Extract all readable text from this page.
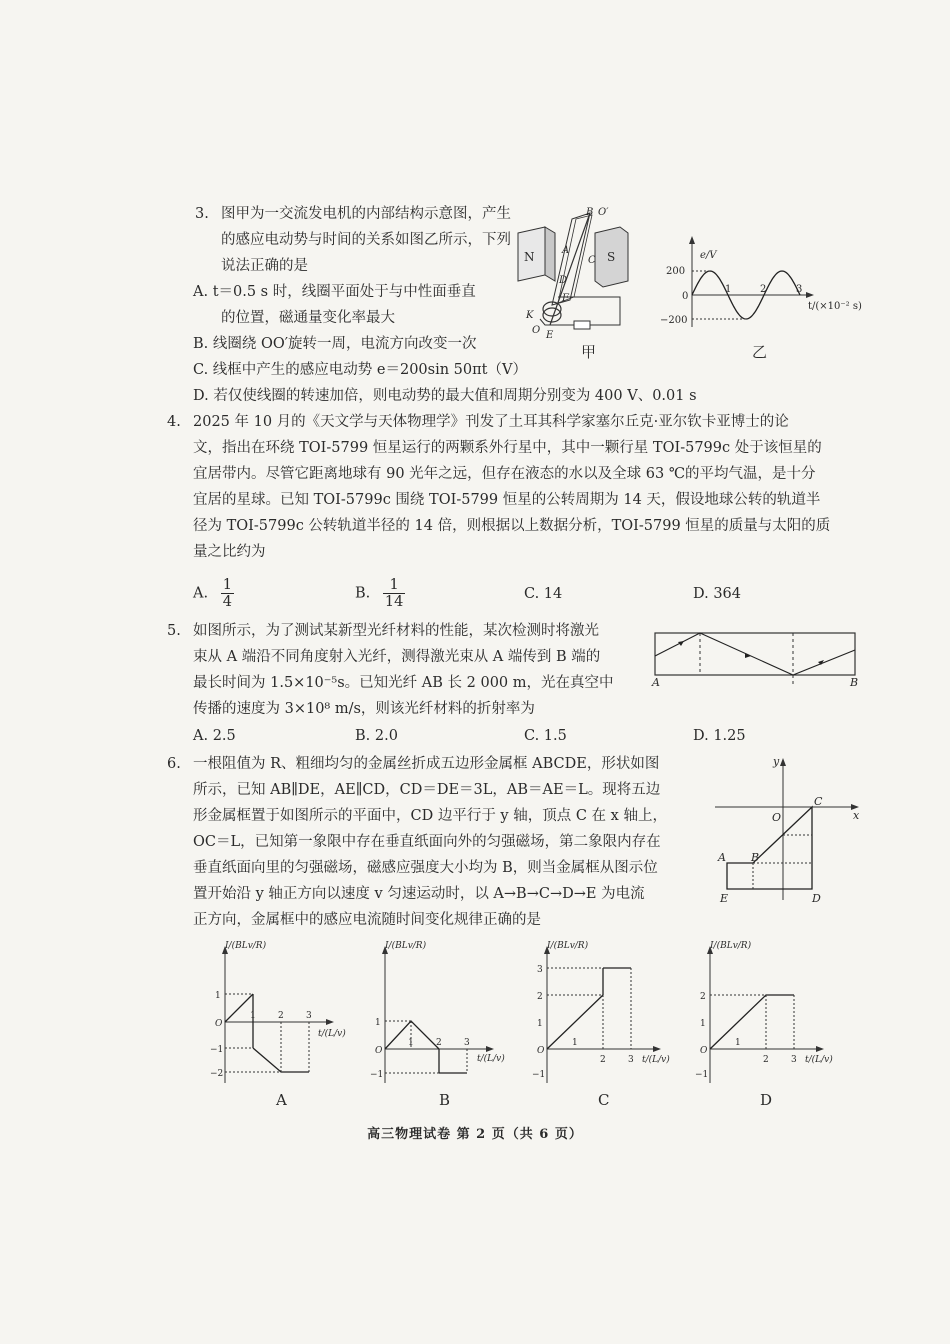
3. 图甲为一交流发电机的内部结构示意图，产生
的感应电动势与时间的关系如图乙所示，下列
说法正确的是
A. t＝0.5 s 时，线圈平面处于与中性面垂直
的位置，磁通量变化率最大
B. 线圈绕 OO′旋转一周，电流方向改变一次
C. 线框中产生的感应电动势 e＝200sin 50πt（V）
D. 若仅使线圈的转速加倍，则电动势的最大值和周期分别变为 400 V、0.01 s
B O′
N	S
A
C
D
F
K
O E
甲
e/V
200
0
−200
1	2	3
t/(×10⁻² s)
乙
4. 2025 年 10 月的《天文学与天体物理学》刊发了土耳其科学家塞尔丘克·亚尔钦卡亚博士的论
文，指出在环绕 TOI-5799 恒星运行的两颗系外行星中，其中一颗行星 TOI-5799c 处于该恒星的
宜居带内。尽管它距离地球有 90 光年之远，但存在液态的水以及全球 63 ℃的平均气温，是十分
宜居的星球。已知 TOI-5799c 围绕 TOI-5799 恒星的公转周期为 14 天，假设地球公转的轨道半
径为 TOI-5799c 公转轨道半径的 14 倍，则根据以上数据分析，TOI-5799 恒星的质量与太阳的质
量之比约为
A. $\frac{1}{4}$	B. $\frac{1}{14}$	C. 14	D. 364
5. 如图所示，为了测试某新型光纤材料的性能，某次检测时将激光
束从 A 端沿不同角度射入光纤，测得激光束从 A 端传到 B 端的
最长时间为 1.5×10⁻⁵s。已知光纤 AB 长 2 000 m，光在真空中
传播的速度为 3×10⁸ m/s，则该光纤材料的折射率为
A. 2.5	B. 2.0	C. 1.5	D. 1.25
A	B
6. 一根阻值为 R、粗细均匀的金属丝折成五边形金属框 ABCDE，形状如图
所示，已知 AB∥DE，AE∥CD，CD＝DE＝3L，AB＝AE＝L。现将五边
形金属框置于如图所示的平面中，CD 边平行于 y 轴，顶点 C 在 x 轴上，
OC＝L，已知第一象限中存在垂直纸面向外的匀强磁场，第二象限内存在
垂直纸面向里的匀强磁场，磁感应强度大小均为 B，则当金属框从图示位
置开始沿 y 轴正方向以速度 v 匀速运动时，以 A→B→C→D→E 为电流
正方向，金属框中的感应电流随时间变化规律正确的是
y
x
O
C
A B
E	D
I/(BLv/R)
1
−1
−2
O
1 2 3
t/(L/v)
A
I/(BLv/R)
1
−1
O
1 2 3
t/(L/v)
B
I/(BLv/R)
3
2
1
−1
O
1
2 3 t/(L/v)
C
I/(BLv/R)
2
1
−1
O
1
2 3 t/(L/v)
D
高三物理试卷 第 2 页（共 6 页）
